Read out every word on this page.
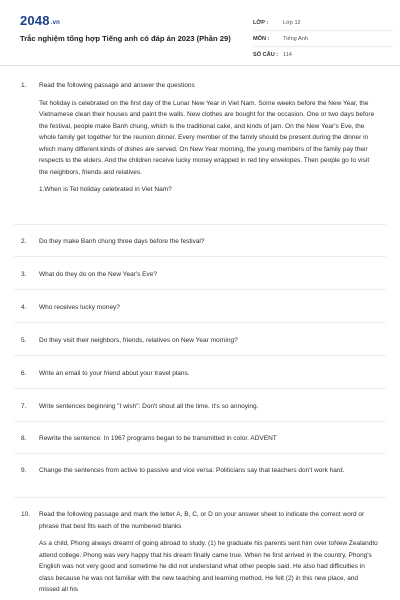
2048.vn
Trắc nghiệm tổng hợp Tiếng anh có đáp án 2023 (Phần 29)
LỚP :	Lớp 12
MÔN :	Tiếng Anh
SỐ CÂU : 114
1.	Read the following passage and answer the questions
Tet holiday is celebrated on the first day of the Lunar New Year in Viet Nam. Some weeks before the New Year, the Vietnamese clean their houses and paint the walls. New clothes are bought for the occasion. One or two days before the festival, people make Banh chung, which is the traditional cake, and kinds of jam. On the New Year's Eve, the whole family get together for the reunion dinner. Every member of the family should be present during the dinner in which many different kinds of dishes are served. On New Year morning, the young members of the family pay their respects to the elders. And the children receive lucky money wrapped in red tiny envelopes. Then people go to visit the neighbors, friends and relatives.
1.When is Tet holiday celebrated in Viet Nam?
2.	Do they make Banh chung three days before the festival?
3.	What do they do on the New Year's Eve?
4.	Who receives lucky money?
5.	Do they visit their neighbors, friends, relatives on New Year morning?
6.	Write an email to your friend about your travel plans.
7.	Write sentences beginning "I wish": Don't shout all the time. It's so annoying.
8.	Rewrite the sentence: In 1967 programs began to be transmitted in color. ADVENT
9.	Change the sentences from active to passive and vice versa: Politicians say that teachers don't work hard.
10.	Read the following passage and mark the letter A, B, C, or D on your answer sheet to indicate the correct word or phrase that best fits each of the numbered blanks
As a child, Phong always dreamt of going abroad to study. (1) he graduate his parents sent him over toNew Zealandto attend college. Phong was very happy that his dream finally came true. When he first arrived in the country, Phong's English was not very good and sometime he did not understand what other people said. He also had difficulties in class because he was not familiar with the new teaching and learning method. He felt (2) in this new place, and missed all his
